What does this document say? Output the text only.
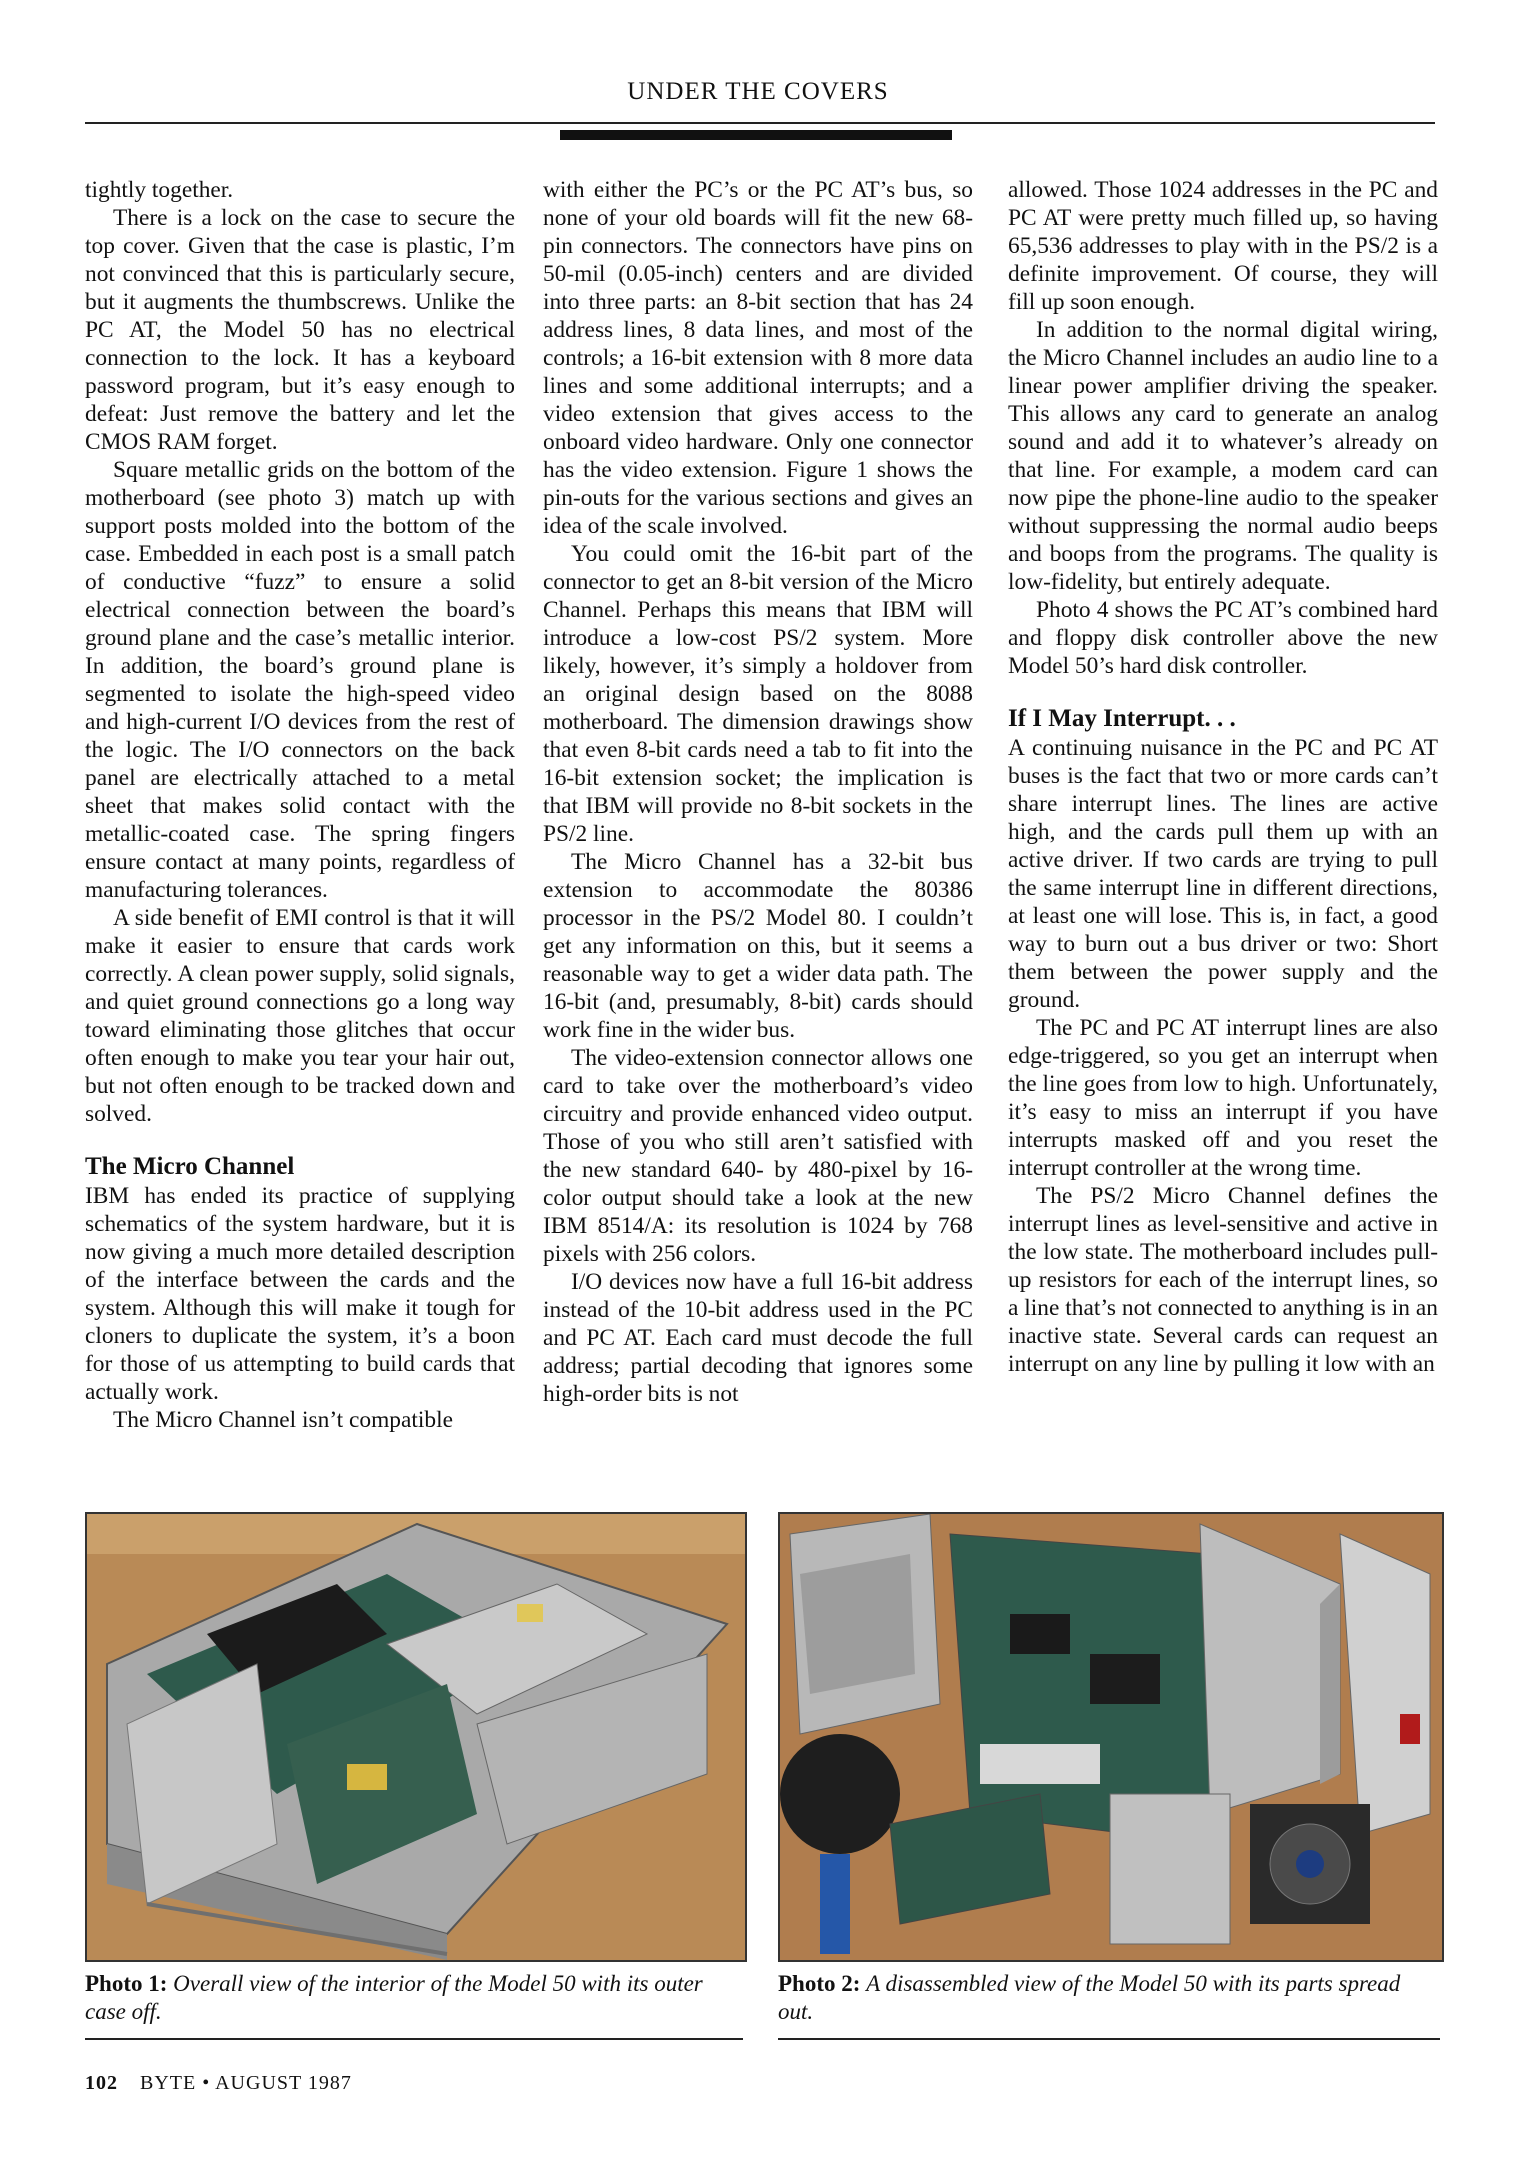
UNDER THE COVERS

tightly together.

There is a lock on the case to secure the top cover. Given that the case is plastic, I’m not convinced that this is particularly secure, but it augments the thumbscrews. Unlike the PC AT, the Model 50 has no electrical connection to the lock. It has a keyboard password program, but it’s easy enough to defeat: Just remove the battery and let the CMOS RAM forget.

Square metallic grids on the bottom of the motherboard (see photo 3) match up with support posts molded into the bottom of the case. Embedded in each post is a small patch of conductive “fuzz” to ensure a solid electrical connection between the board’s ground plane and the case’s metallic interior. In addition, the board’s ground plane is segmented to isolate the high-speed video and high-current I/O devices from the rest of the logic. The I/O connectors on the back panel are electrically attached to a metal sheet that makes solid contact with the metallic-coated case. The spring fingers ensure contact at many points, regardless of manufacturing tolerances.

A side benefit of EMI control is that it will make it easier to ensure that cards work correctly. A clean power supply, solid signals, and quiet ground connections go a long way toward eliminating those glitches that occur often enough to make you tear your hair out, but not often enough to be tracked down and solved.

The Micro Channel

IBM has ended its practice of supplying schematics of the system hardware, but it is now giving a much more detailed description of the interface between the cards and the system. Although this will make it tough for cloners to duplicate the system, it’s a boon for those of us attempting to build cards that actually work.

The Micro Channel isn’t compatible

with either the PC’s or the PC AT’s bus, so none of your old boards will fit the new 68-pin connectors. The connectors have pins on 50-mil (0.05-inch) centers and are divided into three parts: an 8-bit section that has 24 address lines, 8 data lines, and most of the controls; a 16-bit extension with 8 more data lines and some additional interrupts; and a video extension that gives access to the onboard video hardware. Only one connector has the video extension. Figure 1 shows the pin-outs for the various sections and gives an idea of the scale involved.

You could omit the 16-bit part of the connector to get an 8-bit version of the Micro Channel. Perhaps this means that IBM will introduce a low-cost PS/2 system. More likely, however, it’s simply a holdover from an original design based on the 8088 motherboard. The dimension drawings show that even 8-bit cards need a tab to fit into the 16-bit extension socket; the implication is that IBM will provide no 8-bit sockets in the PS/2 line.

The Micro Channel has a 32-bit bus extension to accommodate the 80386 processor in the PS/2 Model 80. I couldn’t get any information on this, but it seems a reasonable way to get a wider data path. The 16-bit (and, presumably, 8-bit) cards should work fine in the wider bus.

The video-extension connector allows one card to take over the motherboard’s video circuitry and provide enhanced video output. Those of you who still aren’t satisfied with the new standard 640- by 480-pixel by 16-color output should take a look at the new IBM 8514/A: its resolution is 1024 by 768 pixels with 256 colors.

I/O devices now have a full 16-bit address instead of the 10-bit address used in the PC and PC AT. Each card must decode the full address; partial decoding that ignores some high-order bits is not

allowed. Those 1024 addresses in the PC and PC AT were pretty much filled up, so having 65,536 addresses to play with in the PS/2 is a definite improvement. Of course, they will fill up soon enough.

In addition to the normal digital wiring, the Micro Channel includes an audio line to a linear power amplifier driving the speaker. This allows any card to generate an analog sound and add it to whatever’s already on that line. For example, a modem card can now pipe the phone-line audio to the speaker without suppressing the normal audio beeps and boops from the programs. The quality is low-fidelity, but entirely adequate.

Photo 4 shows the PC AT’s combined hard and floppy disk controller above the new Model 50’s hard disk controller.

If I May Interrupt. . .

A continuing nuisance in the PC and PC AT buses is the fact that two or more cards can’t share interrupt lines. The lines are active high, and the cards pull them up with an active driver. If two cards are trying to pull the same interrupt line in different directions, at least one will lose. This is, in fact, a good way to burn out a bus driver or two: Short them between the power supply and the ground.

The PC and PC AT interrupt lines are also edge-triggered, so you get an interrupt when the line goes from low to high. Unfortunately, it’s easy to miss an interrupt if you have interrupts masked off and you reset the interrupt controller at the wrong time.

The PS/2 Micro Channel defines the interrupt lines as level-sensitive and active in the low state. The motherboard includes pull-up resistors for each of the interrupt lines, so a line that’s not connected to anything is in an inactive state. Several cards can request an interrupt on any line by pulling it low with an

Photo 1: Overall view of the interior of the Model 50 with its outer case off.
Photo 2: A disassembled view of the Model 50 with its parts spread out.
102 BYTE • AUGUST 1987
